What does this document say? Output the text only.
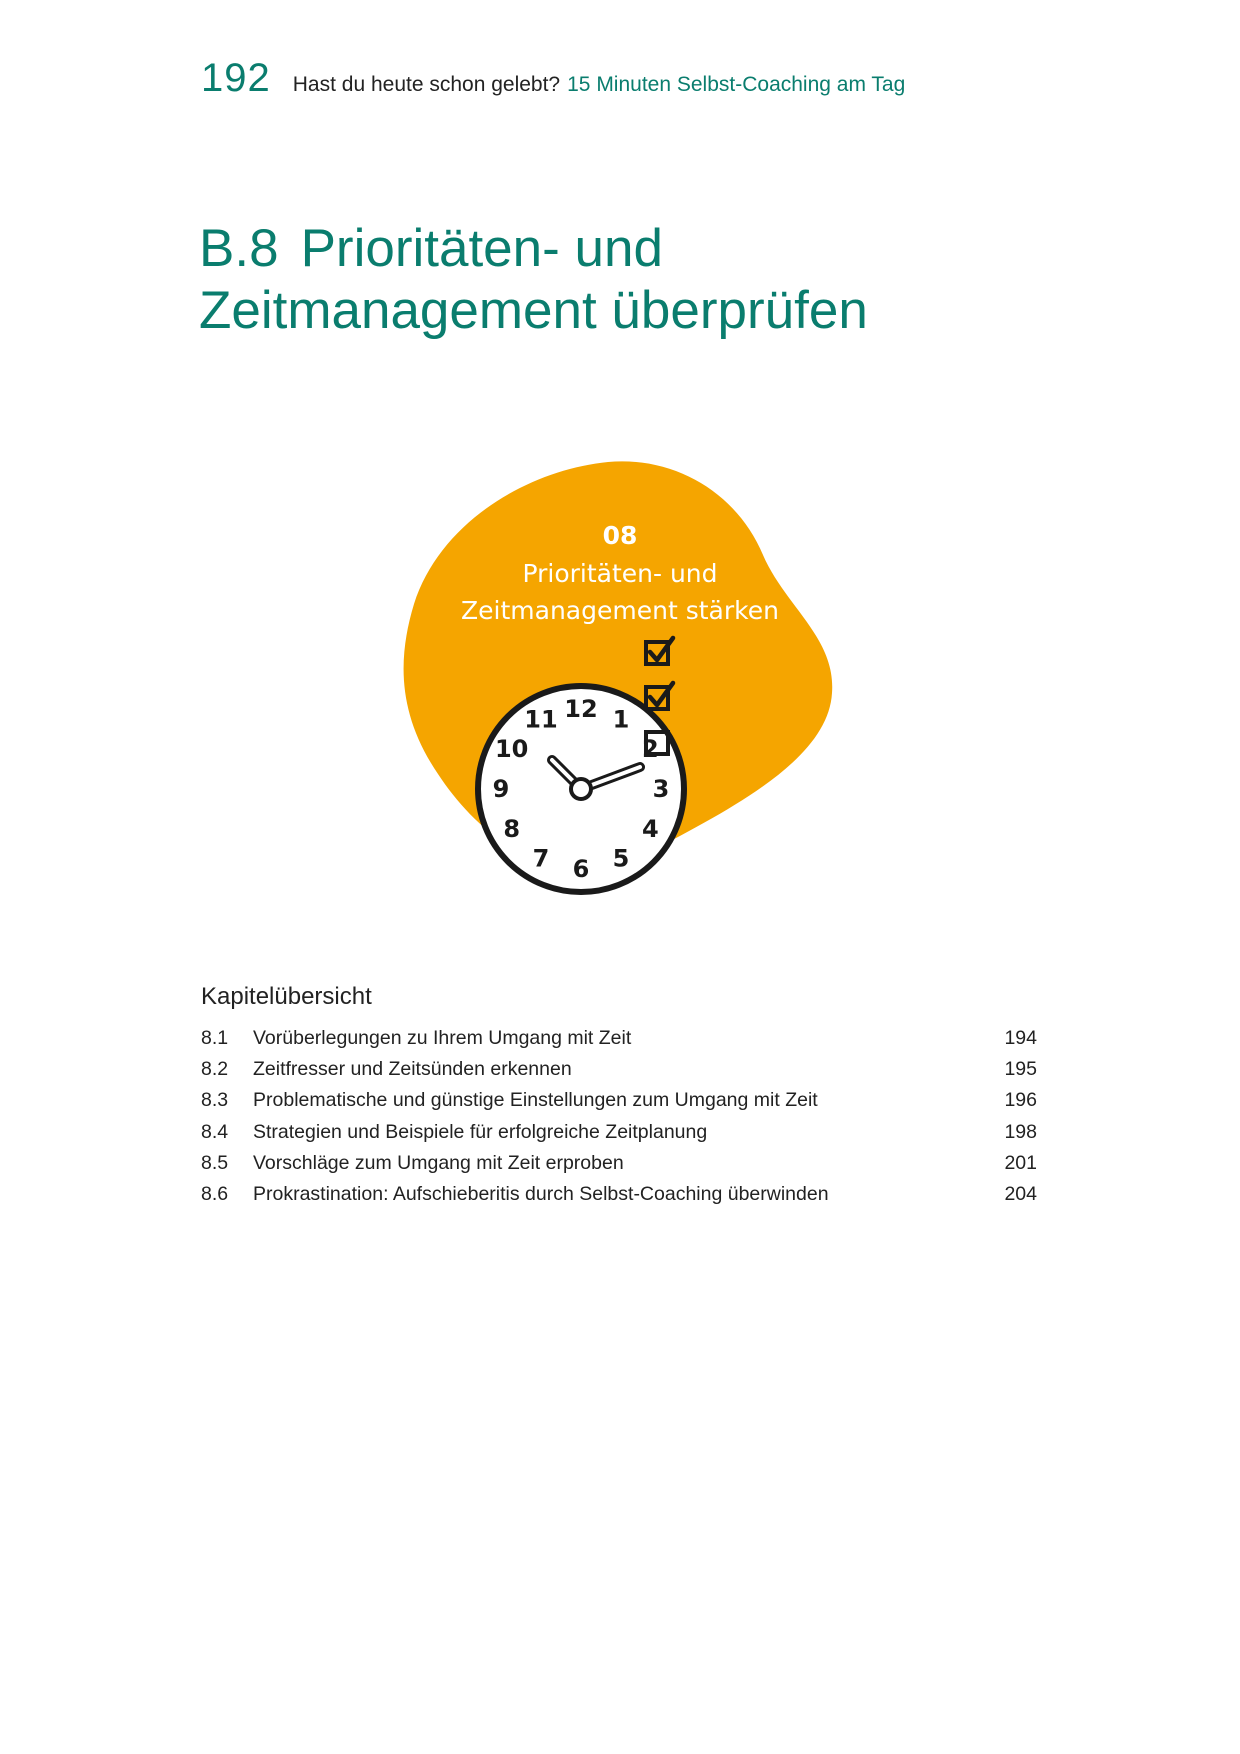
192 Hast du heute schon gelebt? 15 Minuten Selbst-Coaching am Tag
B.8 Prioritäten- und
Zeitmanagement überprüfen
08
Prioritäten- und
Zeitmanagement stärken
12 1
2
3
4
5
6
7
8
9
10
11
Kapitelübersicht
8.1	Vorüberlegungen zu Ihrem Umgang mit Zeit	194
8.2	Zeitfresser und Zeitsünden erkennen	195
8.3	Problematische und günstige Einstellungen zum Umgang mit Zeit	196
8.4	Strategien und Beispiele für erfolgreiche Zeitplanung	198
8.5	Vorschläge zum Umgang mit Zeit erproben	201
8.6	Prokrastination: Aufschieberitis durch Selbst-Coaching überwinden	204
